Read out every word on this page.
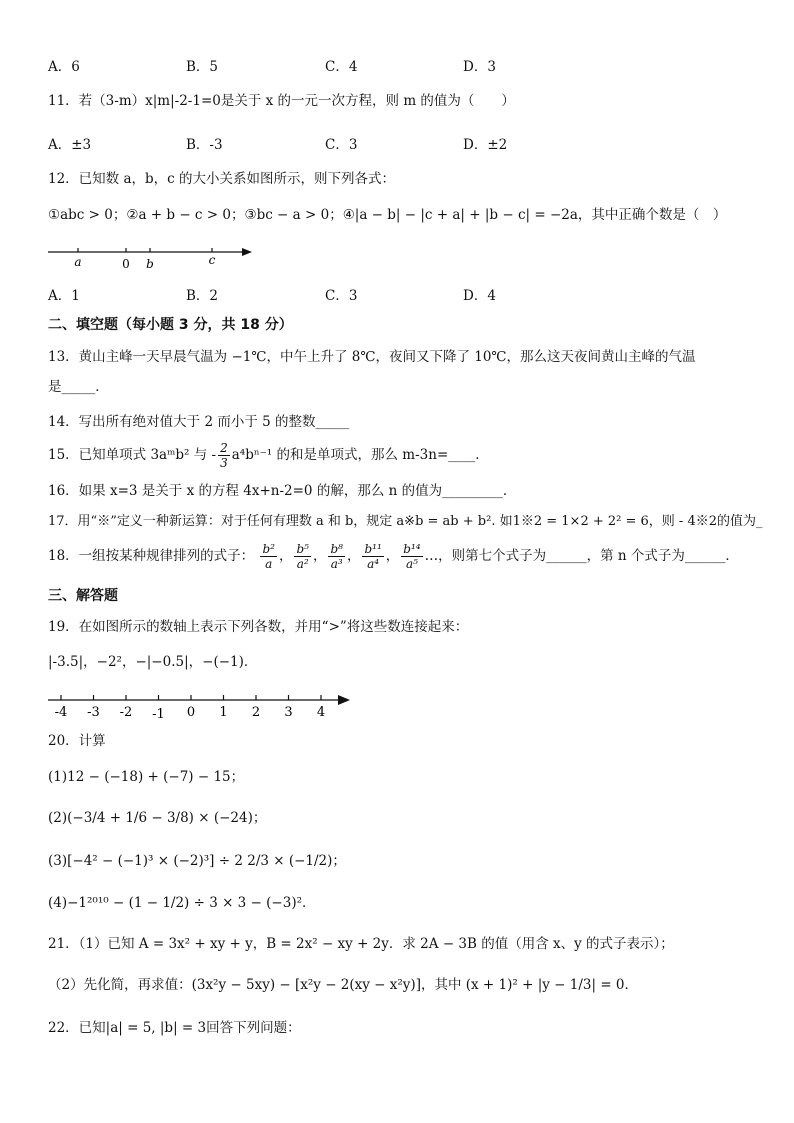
A．6	B．5	C．4	D．3
11．若（3-m）x|m|-2-1=0是关于 x 的一元一次方程，则 m 的值为（　　）
A．±3	B．-3	C．3	D．±2
12．已知数 a，b，c 的大小关系如图所示，则下列各式：
①abc > 0；②a + b − c > 0；③bc − a > 0；④|a − b| − |c + a| + |b − c| = −2a，其中正确个数是（　）
a	0 b	c
A．1	B．2	C．3	D．4
二、填空题（每小题 3 分，共 18 分）
13．黄山主峰一天早晨气温为 −1℃，中午上升了 8℃，夜间又下降了 10℃，那么这天夜间黄山主峰的气温
是_____．
14．写出所有绝对值大于 2 而小于 5 的整数_____
15．已知单项式 3aᵐb² 与 - $\frac{2}{3} a^4b^{n-1}$ 的和是单项式，那么 m-3n=____．
16．如果 x=3 是关于 x 的方程 4x+n-2=0 的解，那么 n 的值为_________．
17．用“※”定义一种新运算：对于任何有理数 a 和 b，规定 a※b = ab + b². 如1※2 = 1×2 + 2² = 6，则 - 4※2的值为_
18．一组按某种规律排列的式子： $\frac{\text{b²}}{a}$ ， $\frac{\text{b⁵}}{\text{a²}}$ ， $\frac{\text{b⁸}}{\text{a³}}$ ， $\frac{\text{b¹¹}}{\text{a⁴}}$ ， $\frac{\text{b¹⁴}}{\text{a⁵}}$ …，则第七个式子为______，第 n 个式子为______．
三、解答题
19．在如图所示的数轴上表示下列各数，并用“>”将这些数连接起来：
|-3.5|，−2²，−|−0.5|，−(−1)．
-4 -3 -2 -1 0 1 2 3 4
20．计算
(1)12 − (−18) + (−7) − 15；
(2)(−3/4 + 1/6 − 3/8) × (−24)；
(3)[−4² − (−1)³ × (−2)³] ÷ 2 2/3 × (−1/2)；
(4)−1²⁰¹⁰ − (1 − 1/2) ÷ 3 × 3 − (−3)²．
21．（1）已知 A = 3x² + xy + y，B = 2x² − xy + 2y．求 2A − 3B 的值（用含 x、y 的式子表示）；
（2）先化简，再求值：(3x²y − 5xy) − [x²y − 2(xy − x²y)]，其中 (x + 1)² + |y − 1/3| = 0．
22．已知|a| = 5, |b| = 3回答下列问题：
